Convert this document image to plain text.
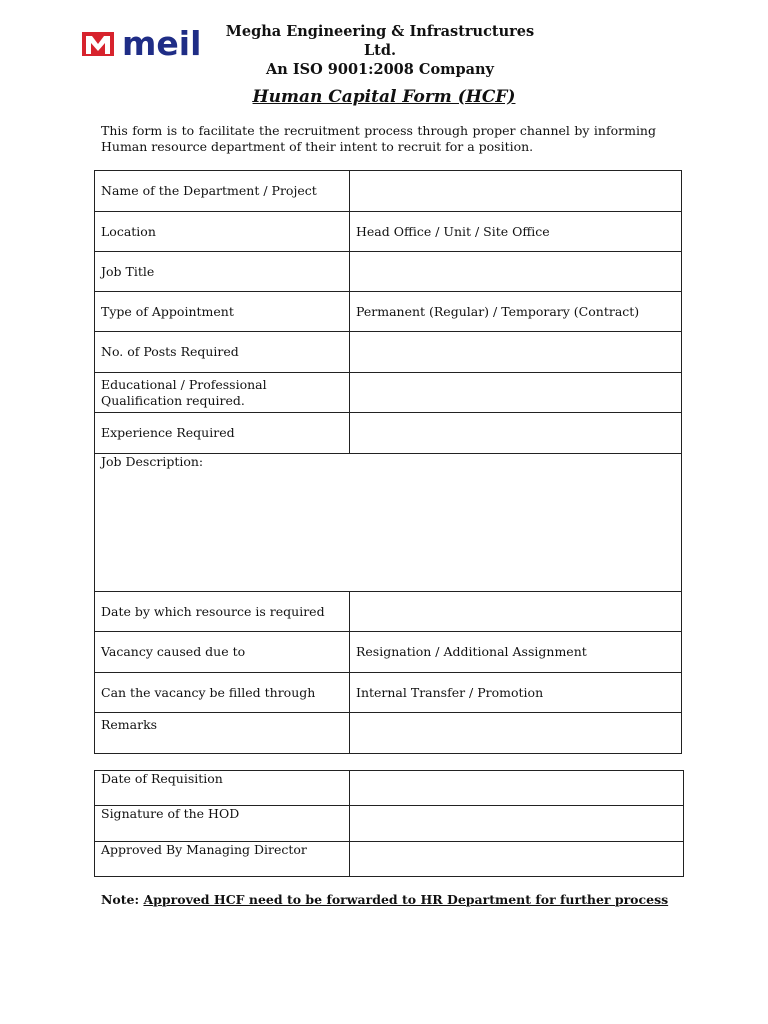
meil	Megha Engineering & Infrastructures Ltd.
An ISO 9001:2008 Company
Human Capital Form (HCF)
This form is to facilitate the recruitment process through proper channel by informing Human resource department of their intent to recruit for a position.
Name of the Department / Project	
Location	Head Office / Unit / Site Office
Job Title	
Type of Appointment	Permanent (Regular) / Temporary (Contract)
No. of Posts Required	
Educational / Professional Qualification required.	
Experience Required	
Job Description:	
Date by which resource is required	
Vacancy caused due to	Resignation / Additional Assignment
Can the vacancy be filled through	Internal Transfer / Promotion
Remarks	
Date of Requisition	
Signature of the HOD	
Approved By Managing Director	
Note: Approved HCF need to be forwarded to HR Department for further process
